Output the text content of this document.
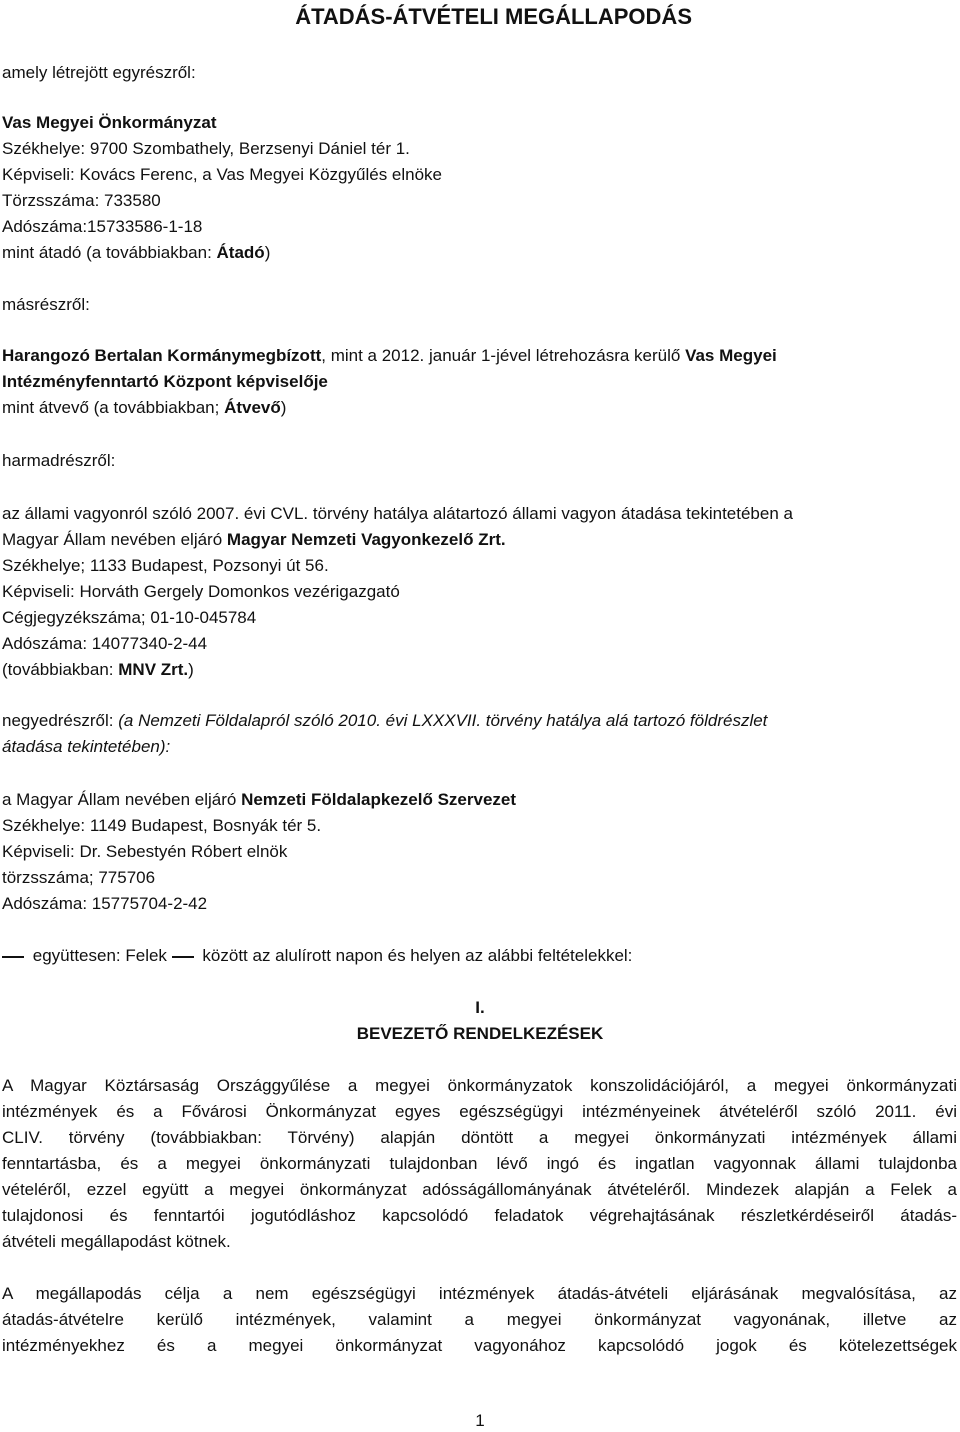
ÁTADÁS-ÁTVÉTELI MEGÁLLAPODÁS
amely létrejött egyrészről:
Vas Megyei Önkormányzat
Székhelye: 9700 Szombathely, Berzsenyi Dániel tér 1.
Képviseli: Kovács Ferenc, a Vas Megyei Közgyűlés elnöke
Törzsszáma: 733580
Adószáma:15733586-1-18
mint átadó (a továbbiakban: Átadó)
másrészről:
Harangozó Bertalan Kormánymegbízott, mint a 2012. január 1-jével létrehozásra kerülő Vas Megyei
Intézményfenntartó Központ képviselője
mint átvevő (a továbbiakban; Átvevő)
harmadrészről:
az állami vagyonról szóló 2007. évi CVL. törvény hatálya alátartozó állami vagyon átadása tekintetében a
Magyar Állam nevében eljáró Magyar Nemzeti Vagyonkezelő Zrt.
Székhelye; 1133 Budapest, Pozsonyi út 56.
Képviseli: Horváth Gergely Domonkos vezérigazgató
Cégjegyzékszáma; 01-10-045784
Adószáma: 14077340-2-44
(továbbiakban: MNV Zrt.)
negyedrészről: (a Nemzeti Földalapról szóló 2010. évi LXXXVII. törvény hatálya alá tartozó földrészlet
átadása tekintetében):
a Magyar Állam nevében eljáró Nemzeti Földalapkezelő Szervezet
Székhelye: 1149 Budapest, Bosnyák tér 5.
Képviseli: Dr. Sebestyén Róbert elnök
törzsszáma; 775706
Adószáma: 15775704-2-42
együttesen: Felek között az alulírott napon és helyen az alábbi feltételekkel:
I.
BEVEZETŐ RENDELKEZÉSEK
A Magyar Köztársaság Országgyűlése a megyei önkormányzatok konszolidációjáról, a megyei önkormányzati
intézmények és a Fővárosi Önkormányzat egyes egészségügyi intézményeinek átvételéről szóló 2011. évi
CLIV. törvény (továbbiakban: Törvény) alapján döntött a megyei önkormányzati intézmények állami
fenntartásba, és a megyei önkormányzati tulajdonban lévő ingó és ingatlan vagyonnak állami tulajdonba
vételéről, ezzel együtt a megyei önkormányzat adósságállományának átvételéről. Mindezek alapján a Felek a
tulajdonosi és fenntartói jogutódláshoz kapcsolódó feladatok végrehajtásának részletkérdéseiről átadás-
átvételi megállapodást kötnek.
A megállapodás célja a nem egészségügyi intézmények átadás-átvételi eljárásának megvalósítása, az
átadás-átvételre kerülő intézmények, valamint a megyei önkormányzat vagyonának, illetve az
intézményekhez és a megyei önkormányzat vagyonához kapcsolódó jogok és kötelezettségek
1
